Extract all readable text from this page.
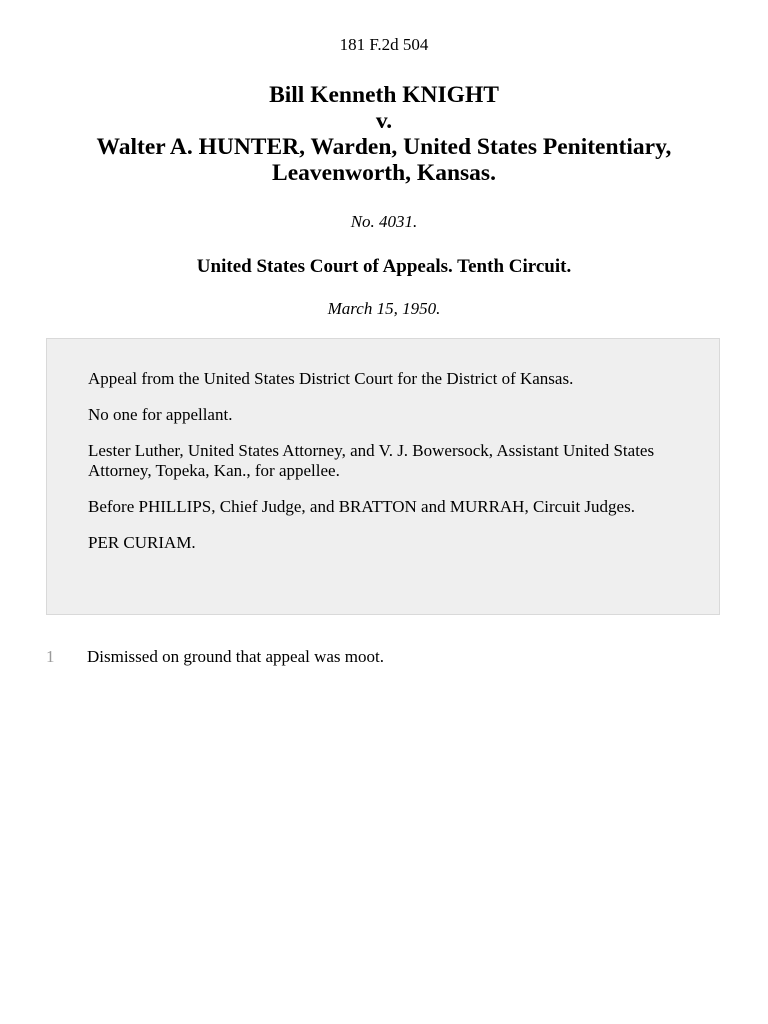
181 F.2d 504
Bill Kenneth KNIGHT
v.
Walter A. HUNTER, Warden, United States Penitentiary,
Leavenworth, Kansas.
No. 4031.
United States Court of Appeals. Tenth Circuit.
March 15, 1950.

Appeal from the United States District Court for the District of Kansas.

No one for appellant.

Lester Luther, United States Attorney, and V. J. Bowersock, Assistant United States Attorney, Topeka, Kan., for appellee.

Before PHILLIPS, Chief Judge, and BRATTON and MURRAH, Circuit Judges.

PER CURIAM.

1 Dismissed on ground that appeal was moot.
